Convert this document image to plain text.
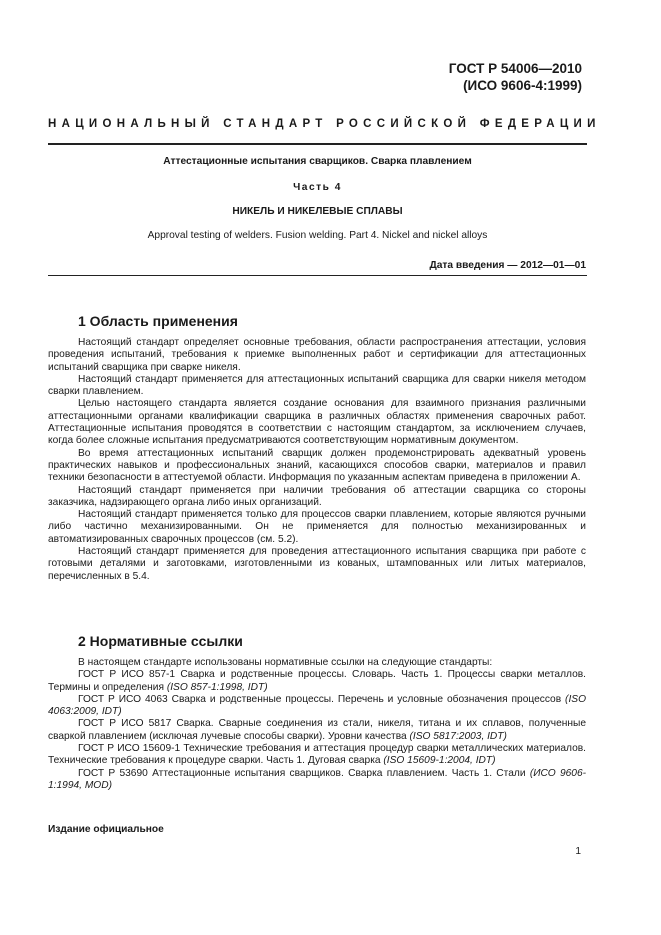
ГОСТ Р 54006—2010
(ИСО 9606-4:1999)
НАЦИОНАЛЬНЫЙ СТАНДАРТ РОССИЙСКОЙ ФЕДЕРАЦИИ
Аттестационные испытания сварщиков. Сварка плавлением
Часть 4
НИКЕЛЬ И НИКЕЛЕВЫЕ СПЛАВЫ
Approval testing of welders. Fusion welding. Part 4. Nickel and nickel alloys
Дата введения — 2012—01—01
1 Область применения

Настоящий стандарт определяет основные требования, области распространения аттестации, условия проведения испытаний, требования к приемке выполненных работ и сертификации для аттестационных испытаний сварщика при сварке никеля.

Настоящий стандарт применяется для аттестационных испытаний сварщика для сварки никеля методом сварки плавлением.

Целью настоящего стандарта является создание основания для взаимного признания различными аттестационными органами квалификации сварщика в различных областях применения сварочных работ. Аттестационные испытания проводятся в соответствии с настоящим стандартом, за исключением случаев, когда более сложные испытания предусматриваются соответствующим нормативным документом.

Во время аттестационных испытаний сварщик должен продемонстрировать адекватный уровень практических навыков и профессиональных знаний, касающихся способов сварки, материалов и правил техники безопасности в аттестуемой области. Информация по указанным аспектам приведена в приложении А.

Настоящий стандарт применяется при наличии требования об аттестации сварщика со стороны заказчика, надзирающего органа либо иных организаций.

Настоящий стандарт применяется только для процессов сварки плавлением, которые являются ручными либо частично механизированными. Он не применяется для полностью механизированных и автоматизированных сварочных процессов (см. 5.2).

Настоящий стандарт применяется для проведения аттестационного испытания сварщика при работе с готовыми деталями и заготовками, изготовленными из кованых, штампованных или литых материалов, перечисленных в 5.4.

2 Нормативные ссылки

В настоящем стандарте использованы нормативные ссылки на следующие стандарты:

ГОСТ Р ИСО 857-1 Сварка и родственные процессы. Словарь. Часть 1. Процессы сварки металлов. Термины и определения (ISO 857-1:1998, IDT)

ГОСТ Р ИСО 4063 Сварка и родственные процессы. Перечень и условные обозначения процессов (ISO 4063:2009, IDT)

ГОСТ Р ИСО 5817 Сварка. Сварные соединения из стали, никеля, титана и их сплавов, полученные сваркой плавлением (исключая лучевые способы сварки). Уровни качества (ISO 5817:2003, IDT)

ГОСТ Р ИСО 15609-1 Технические требования и аттестация процедур сварки металлических материалов. Технические требования к процедуре сварки. Часть 1. Дуговая сварка (ISO 15609-1:2004, IDT)

ГОСТ Р 53690 Аттестационные испытания сварщиков. Сварка плавлением. Часть 1. Стали (ИСО 9606-1:1994, MOD)

Издание официальное
1
